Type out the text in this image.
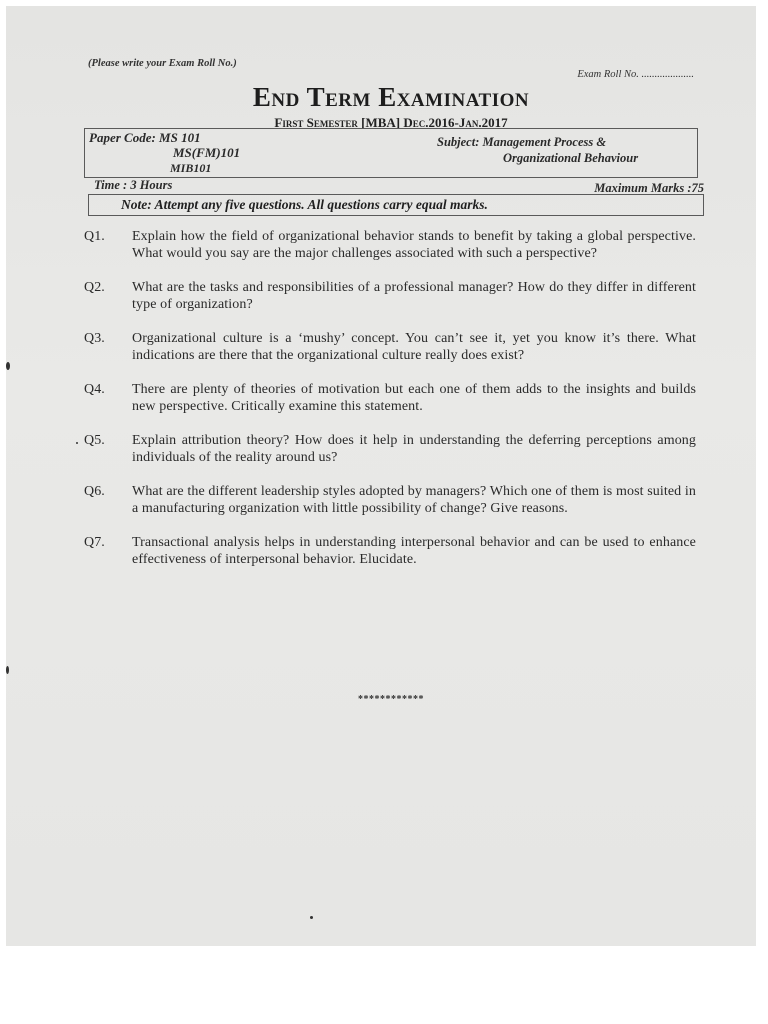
(Please write your Exam Roll No.)
Exam Roll No. ....................
End Term Examination
First Semester [MBA] Dec.2016-Jan.2017
Paper Code: MS 101
MS(FM)101
MIB101
Subject: Management Process &
Organizational Behaviour
Time : 3 Hours	Maximum Marks :75
Note: Attempt any five questions. All questions carry equal marks.
Q1. Explain how the field of organizational behavior stands to benefit by taking a global perspective. What would you say are the major challenges associated with such a perspective?
Q2. What are the tasks and responsibilities of a professional manager? How do they differ in different type of organization?
Q3. Organizational culture is a ‘mushy’ concept. You can’t see it, yet you know it’s there. What indications are there that the organizational culture really does exist?
Q4. There are plenty of theories of motivation but each one of them adds to the insights and builds new perspective. Critically examine this statement.
Q5. Explain attribution theory? How does it help in understanding the deferring perceptions among individuals of the reality around us?
Q6. What are the different leadership styles adopted by managers? Which one of them is most suited in a manufacturing organization with little possibility of change? Give reasons.
Q7. Transactional analysis helps in understanding interpersonal behavior and can be used to enhance effectiveness of interpersonal behavior. Elucidate.
************
